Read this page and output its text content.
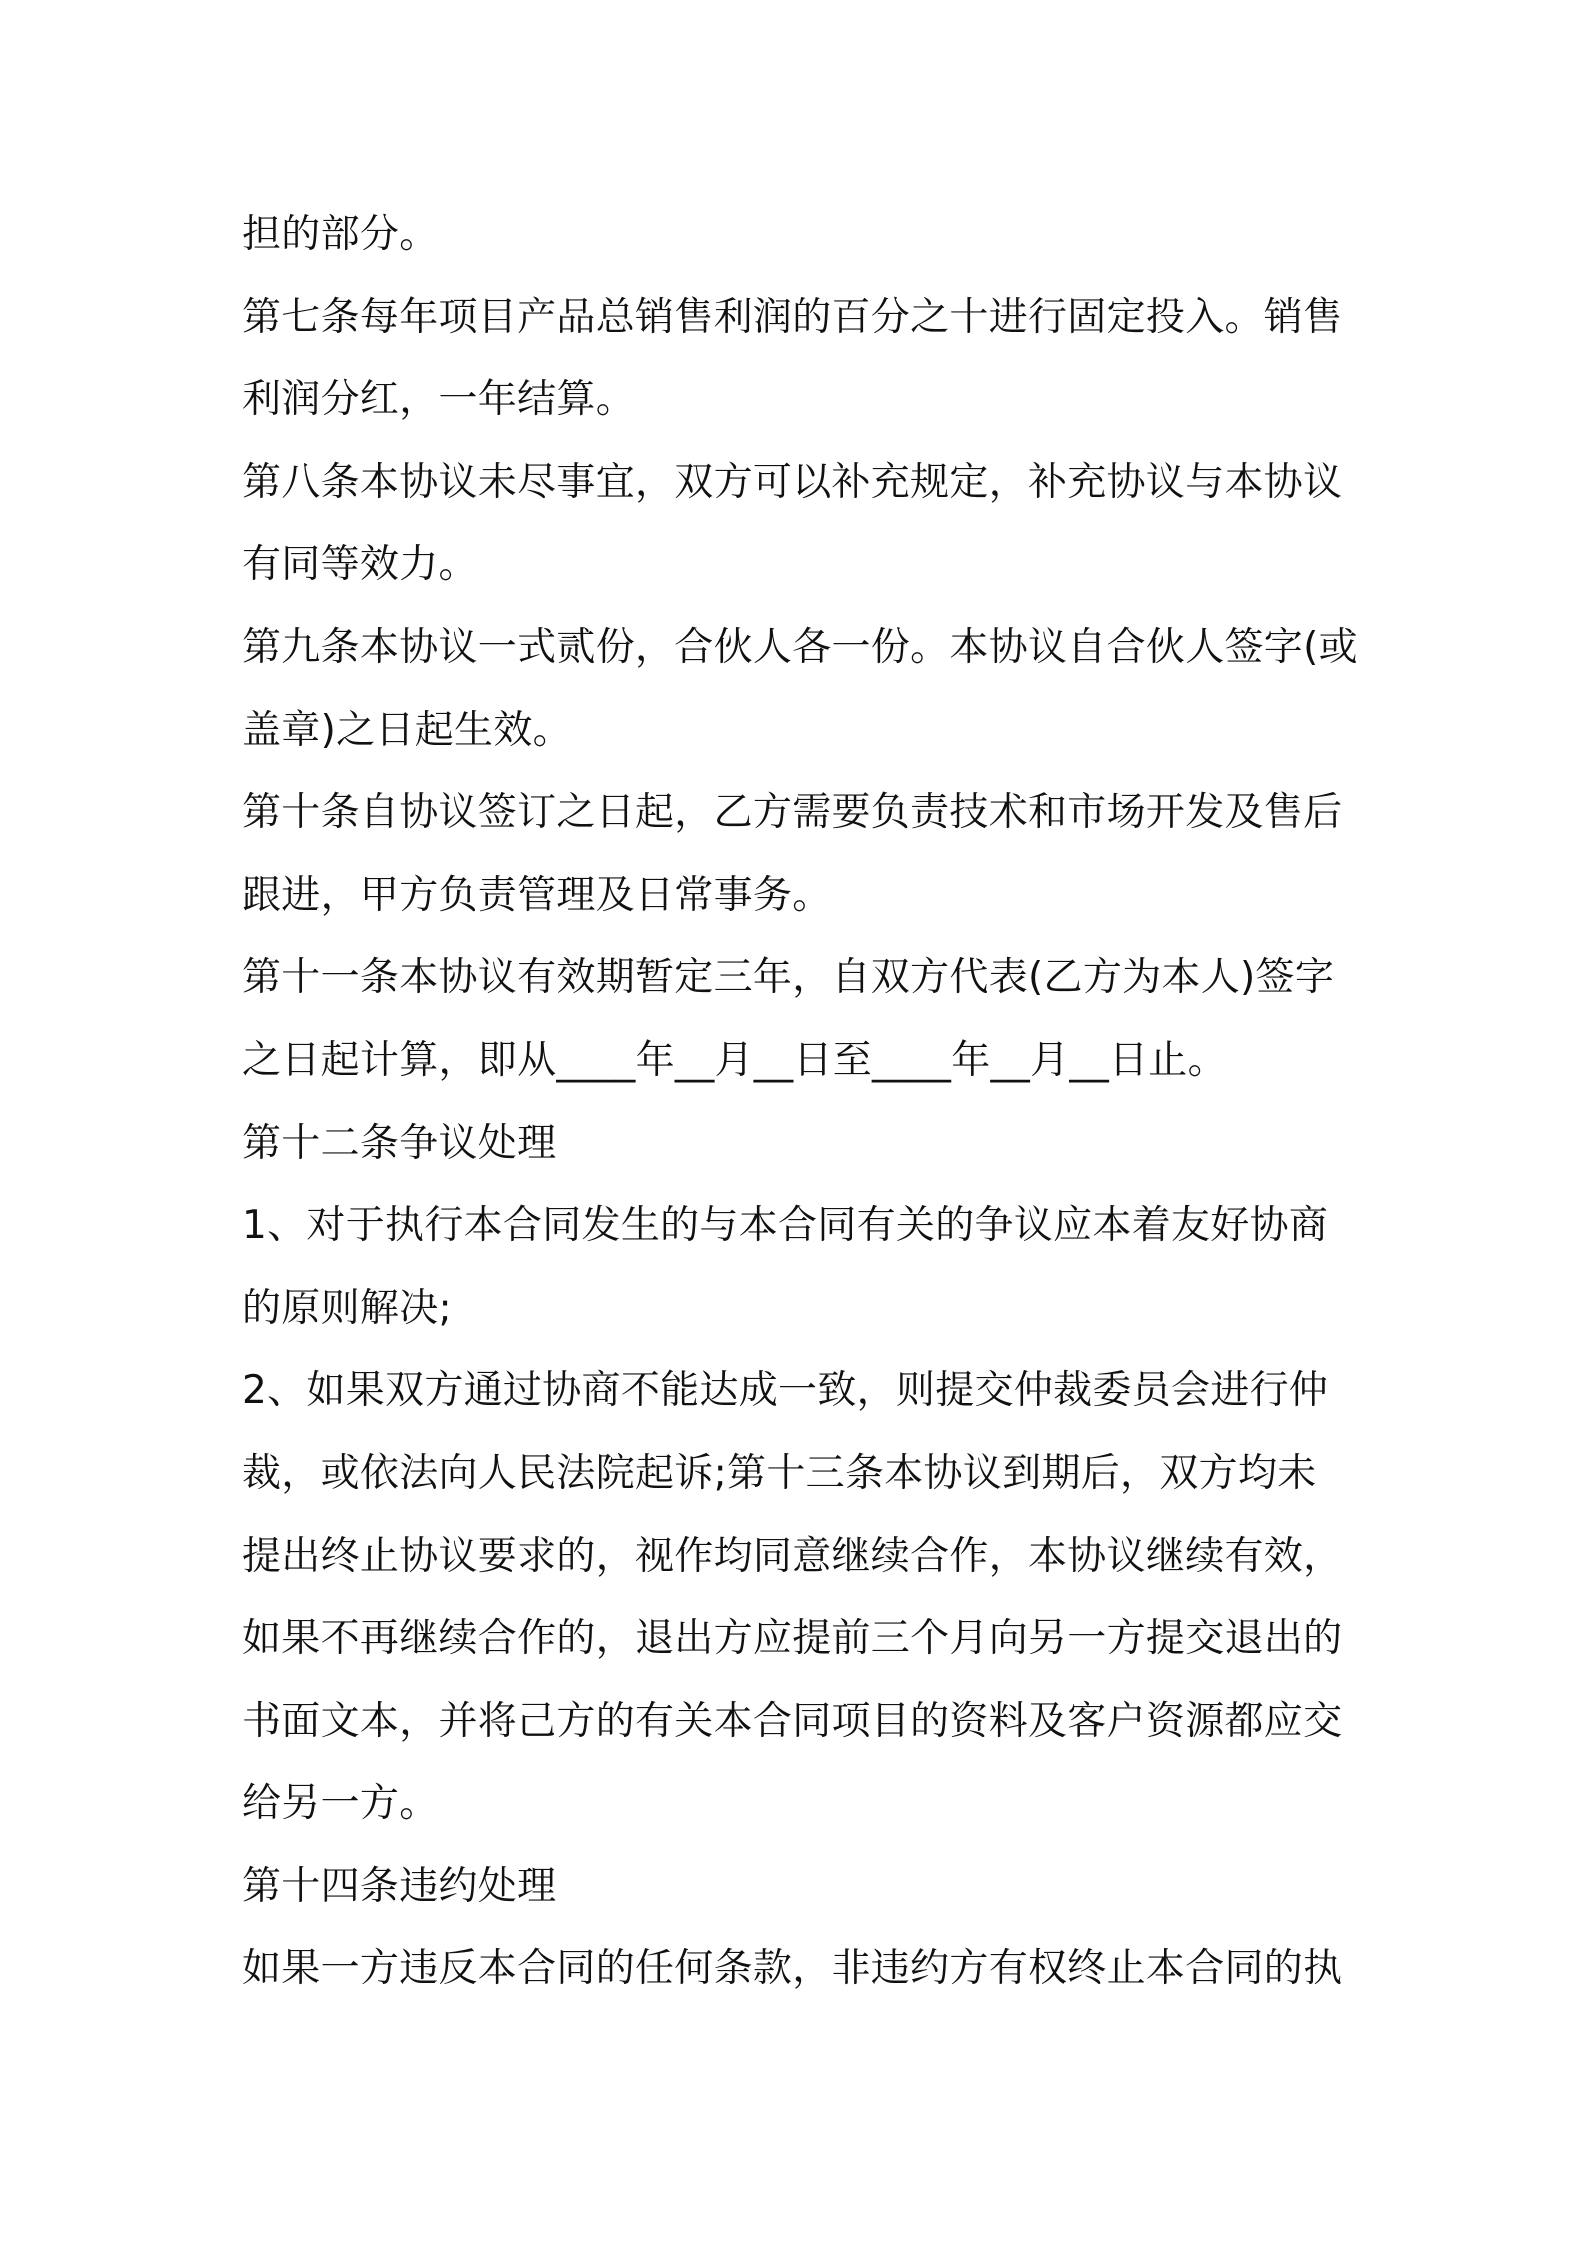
担的部分。
第七条每年项目产品总销售利润的百分之十进行固定投入。销售
利润分红，一年结算。
第八条本协议未尽事宜，双方可以补充规定，补充协议与本协议
有同等效力。
第九条本协议一式贰份，合伙人各一份。本协议自合伙人签字(或
盖章)之日起生效。
第十条自协议签订之日起，乙方需要负责技术和市场开发及售后
跟进，甲方负责管理及日常事务。
第十一条本协议有效期暂定三年，自双方代表(乙方为本人)签字
之日起计算，即从____年__月__日至____年__月__日止。
第十二条争议处理
1、对于执行本合同发生的与本合同有关的争议应本着友好协商
的原则解决;
2、如果双方通过协商不能达成一致，则提交仲裁委员会进行仲
裁，或依法向人民法院起诉;第十三条本协议到期后，双方均未
提出终止协议要求的，视作均同意继续合作，本协议继续有效，
如果不再继续合作的，退出方应提前三个月向另一方提交退出的
书面文本，并将己方的有关本合同项目的资料及客户资源都应交
给另一方。
第十四条违约处理
如果一方违反本合同的任何条款，非违约方有权终止本合同的执
